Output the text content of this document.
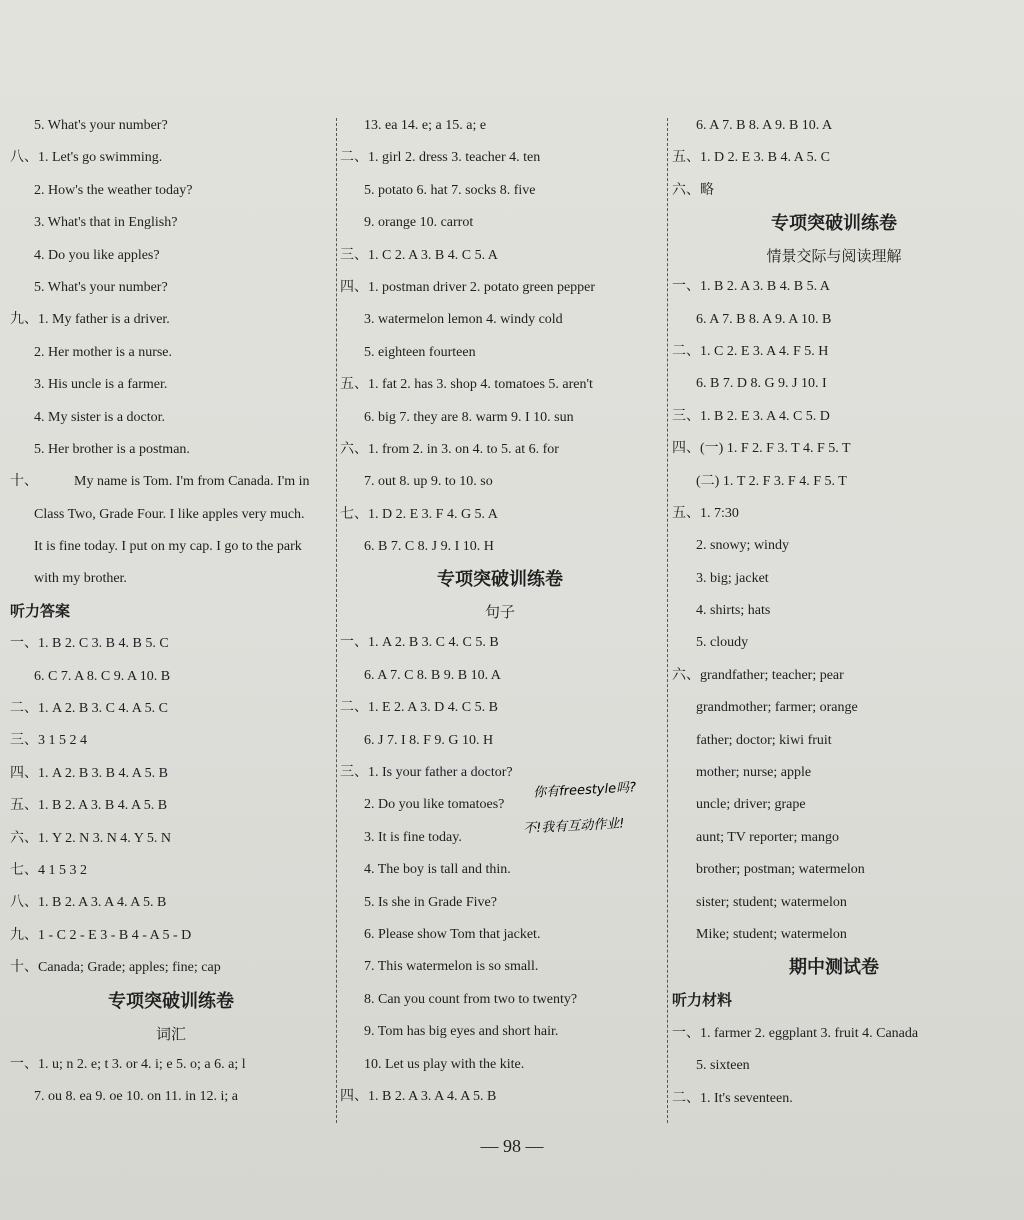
5. What's your number?
八、1. Let's go swimming.
2. How's the weather today?
3. What's that in English?
4. Do you like apples?
5. What's your number?
九、1. My father is a driver.
2. Her mother is a nurse.
3. His uncle is a farmer.
4. My sister is a doctor.
5. Her brother is a postman.
十、	My name is Tom. I'm from Canada. I'm in
Class Two, Grade Four. I like apples very much.
It is fine today. I put on my cap. I go to the park
with my brother.
听力答案
一、1. B 2. C 3. B 4. B 5. C
6. C 7. A 8. C 9. A 10. B
二、1. A 2. B 3. C 4. A 5. C
三、3 1 5 2 4
四、1. A 2. B 3. B 4. A 5. B
五、1. B 2. A 3. B 4. A 5. B
六、1. Y 2. N 3. N 4. Y 5. N
七、4 1 5 3 2
八、1. B 2. A 3. A 4. A 5. B
九、1 - C 2 - E 3 - B 4 - A 5 - D
十、Canada; Grade; apples; fine; cap
专项突破训练卷
词汇
一、1. u; n 2. e; t 3. or 4. i; e 5. o; a 6. a; l
7. ou 8. ea 9. oe 10. on 11. in 12. i; a
13. ea 14. e; a 15. a; e
二、1. girl 2. dress 3. teacher 4. ten
5. potato 6. hat 7. socks 8. five
9. orange 10. carrot
三、1. C 2. A 3. B 4. C 5. A
四、1. postman driver 2. potato green pepper
3. watermelon lemon 4. windy cold
5. eighteen fourteen
五、1. fat 2. has 3. shop 4. tomatoes 5. aren't
6. big 7. they are 8. warm 9. I 10. sun
六、1. from 2. in 3. on 4. to 5. at 6. for
7. out 8. up 9. to 10. so
七、1. D 2. E 3. F 4. G 5. A
6. B 7. C 8. J 9. I 10. H
专项突破训练卷
句子
一、1. A 2. B 3. C 4. C 5. B
6. A 7. C 8. B 9. B 10. A
二、1. E 2. A 3. D 4. C 5. B
6. J 7. I 8. F 9. G 10. H
三、1. Is your father a doctor?
2. Do you like tomatoes?
3. It is fine today.
4. The boy is tall and thin.
5. Is she in Grade Five?
6. Please show Tom that jacket.
7. This watermelon is so small.
8. Can you count from two to twenty?
9. Tom has big eyes and short hair.
10. Let us play with the kite.
四、1. B 2. A 3. A 4. A 5. B
你有freestyle吗?
不!我有互动作业!
6. A 7. B 8. A 9. B 10. A
五、1. D 2. E 3. B 4. A 5. C
六、略
专项突破训练卷
情景交际与阅读理解
一、1. B 2. A 3. B 4. B 5. A
6. A 7. B 8. A 9. A 10. B
二、1. C 2. E 3. A 4. F 5. H
6. B 7. D 8. G 9. J 10. I
三、1. B 2. E 3. A 4. C 5. D
四、(一) 1. F 2. F 3. T 4. F 5. T
(二) 1. T 2. F 3. F 4. F 5. T
五、1. 7:30
2. snowy; windy
3. big; jacket
4. shirts; hats
5. cloudy
六、grandfather; teacher; pear
grandmother; farmer; orange
father; doctor; kiwi fruit
mother; nurse; apple
uncle; driver; grape
aunt; TV reporter; mango
brother; postman; watermelon
sister; student; watermelon
Mike; student; watermelon
期中测试卷
听力材料
一、1. farmer 2. eggplant 3. fruit 4. Canada
5. sixteen
二、1. It's seventeen.
— 98 —
